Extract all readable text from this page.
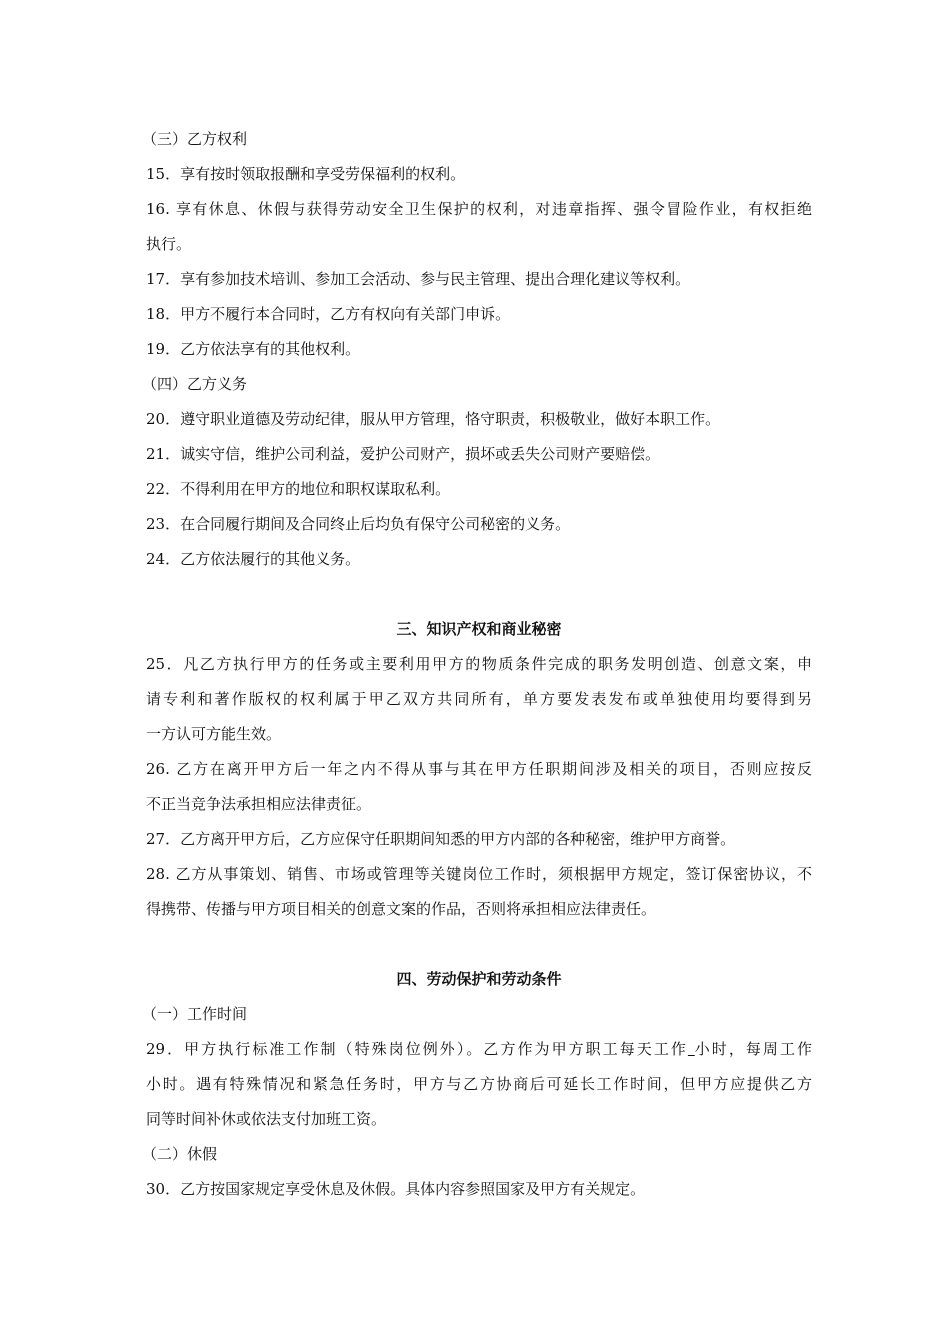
（三）乙方权利
15．享有按时领取报酬和享受劳保福利的权利。
16. 享有休息、休假与获得劳动安全卫生保护的权利，对违章指挥、强令冒险作业，有权拒绝
执行。
17．享有参加技术培训、参加工会活动、参与民主管理、提出合理化建议等权利。
18．甲方不履行本合同时，乙方有权向有关部门申诉。
19．乙方依法享有的其他权利。
（四）乙方义务
20．遵守职业道德及劳动纪律，服从甲方管理，恪守职责，积极敬业，做好本职工作。
21．诚实守信，维护公司利益，爱护公司财产，损坏或丢失公司财产要赔偿。
22．不得利用在甲方的地位和职权谋取私利。
23．在合同履行期间及合同终止后均负有保守公司秘密的义务。
24．乙方依法履行的其他义务。
三、知识产权和商业秘密
25．凡乙方执行甲方的任务或主要利用甲方的物质条件完成的职务发明创造、创意文案，申
请专利和著作版权的权利属于甲乙双方共同所有，单方要发表发布或单独使用均要得到另
一方认可方能生效。
26. 乙方在离开甲方后一年之内不得从事与其在甲方任职期间涉及相关的项目，否则应按反
不正当竞争法承担相应法律责征。
27．乙方离开甲方后，乙方应保守任职期间知悉的甲方内部的各种秘密，维护甲方商誉。
28. 乙方从事策划、销售、市场或管理等关键岗位工作时，须根据甲方规定，签订保密协议，不
得携带、传播与甲方项目相关的创意文案的作品，否则将承担相应法律责任。
四、劳动保护和劳动条件
（一）工作时间
29．甲方执行标准工作制（特殊岗位例外）。乙方作为甲方职工每天工作 小时，每周工作
小时。遇有特殊情况和紧急任务时，甲方与乙方协商后可延长工作时间，但甲方应提供乙方
同等时间补休或依法支付加班工资。
（二）休假
30．乙方按国家规定享受休息及休假。具体内容参照国家及甲方有关规定。
